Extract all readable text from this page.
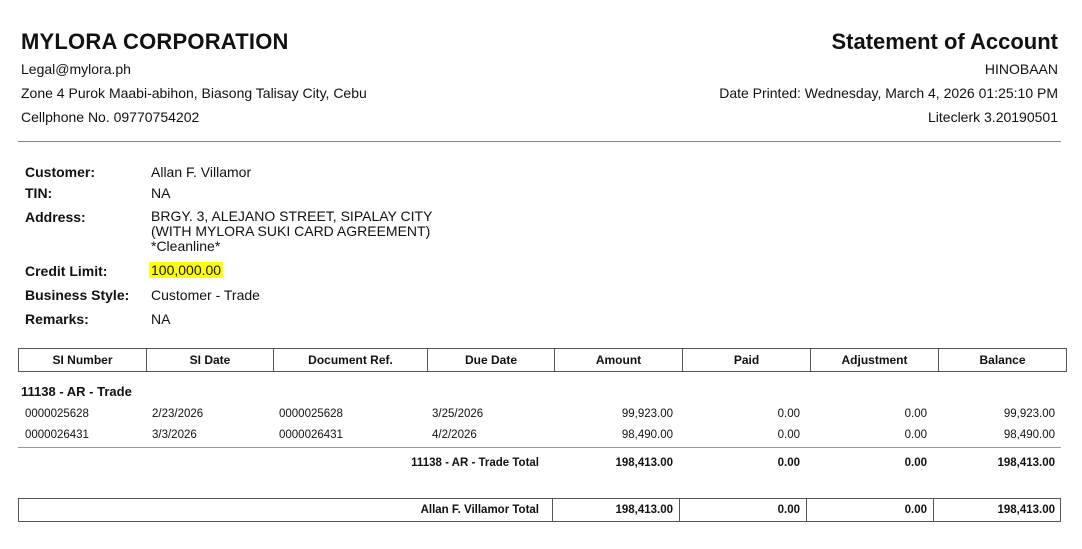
MYLORA CORPORATION
Legal@mylora.ph
Zone 4 Purok Maabi-abihon, Biasong Talisay City, Cebu
Cellphone No. 09770754202
Statement of Account
HINOBAAN
Date Printed: Wednesday, March 4, 2026 01:25:10 PM
Liteclerk 3.20190501
Customer:	Allan F. Villamor
TIN:	NA
Address:	BRGY. 3, ALEJANO STREET, SIPALAY CITY
(WITH MYLORA SUKI CARD AGREEMENT)
*Cleanline*
Credit Limit:	100,000.00
Business Style: Customer - Trade
Remarks:	NA
SI Number	SI Date	Document Ref.	Due Date	Amount	Paid	Adjustment	Balance
11138 - AR - Trade
0000025628	2/23/2026	0000025628	3/25/2026	99,923.00	0.00	0.00	99,923.00
0000026431	3/3/2026	0000026431	4/2/2026	98,490.00	0.00	0.00	98,490.00
11138 - AR - Trade Total	198,413.00	0.00	0.00	198,413.00
Allan F. Villamor Total	198,413.00	0.00	0.00	198,413.00
